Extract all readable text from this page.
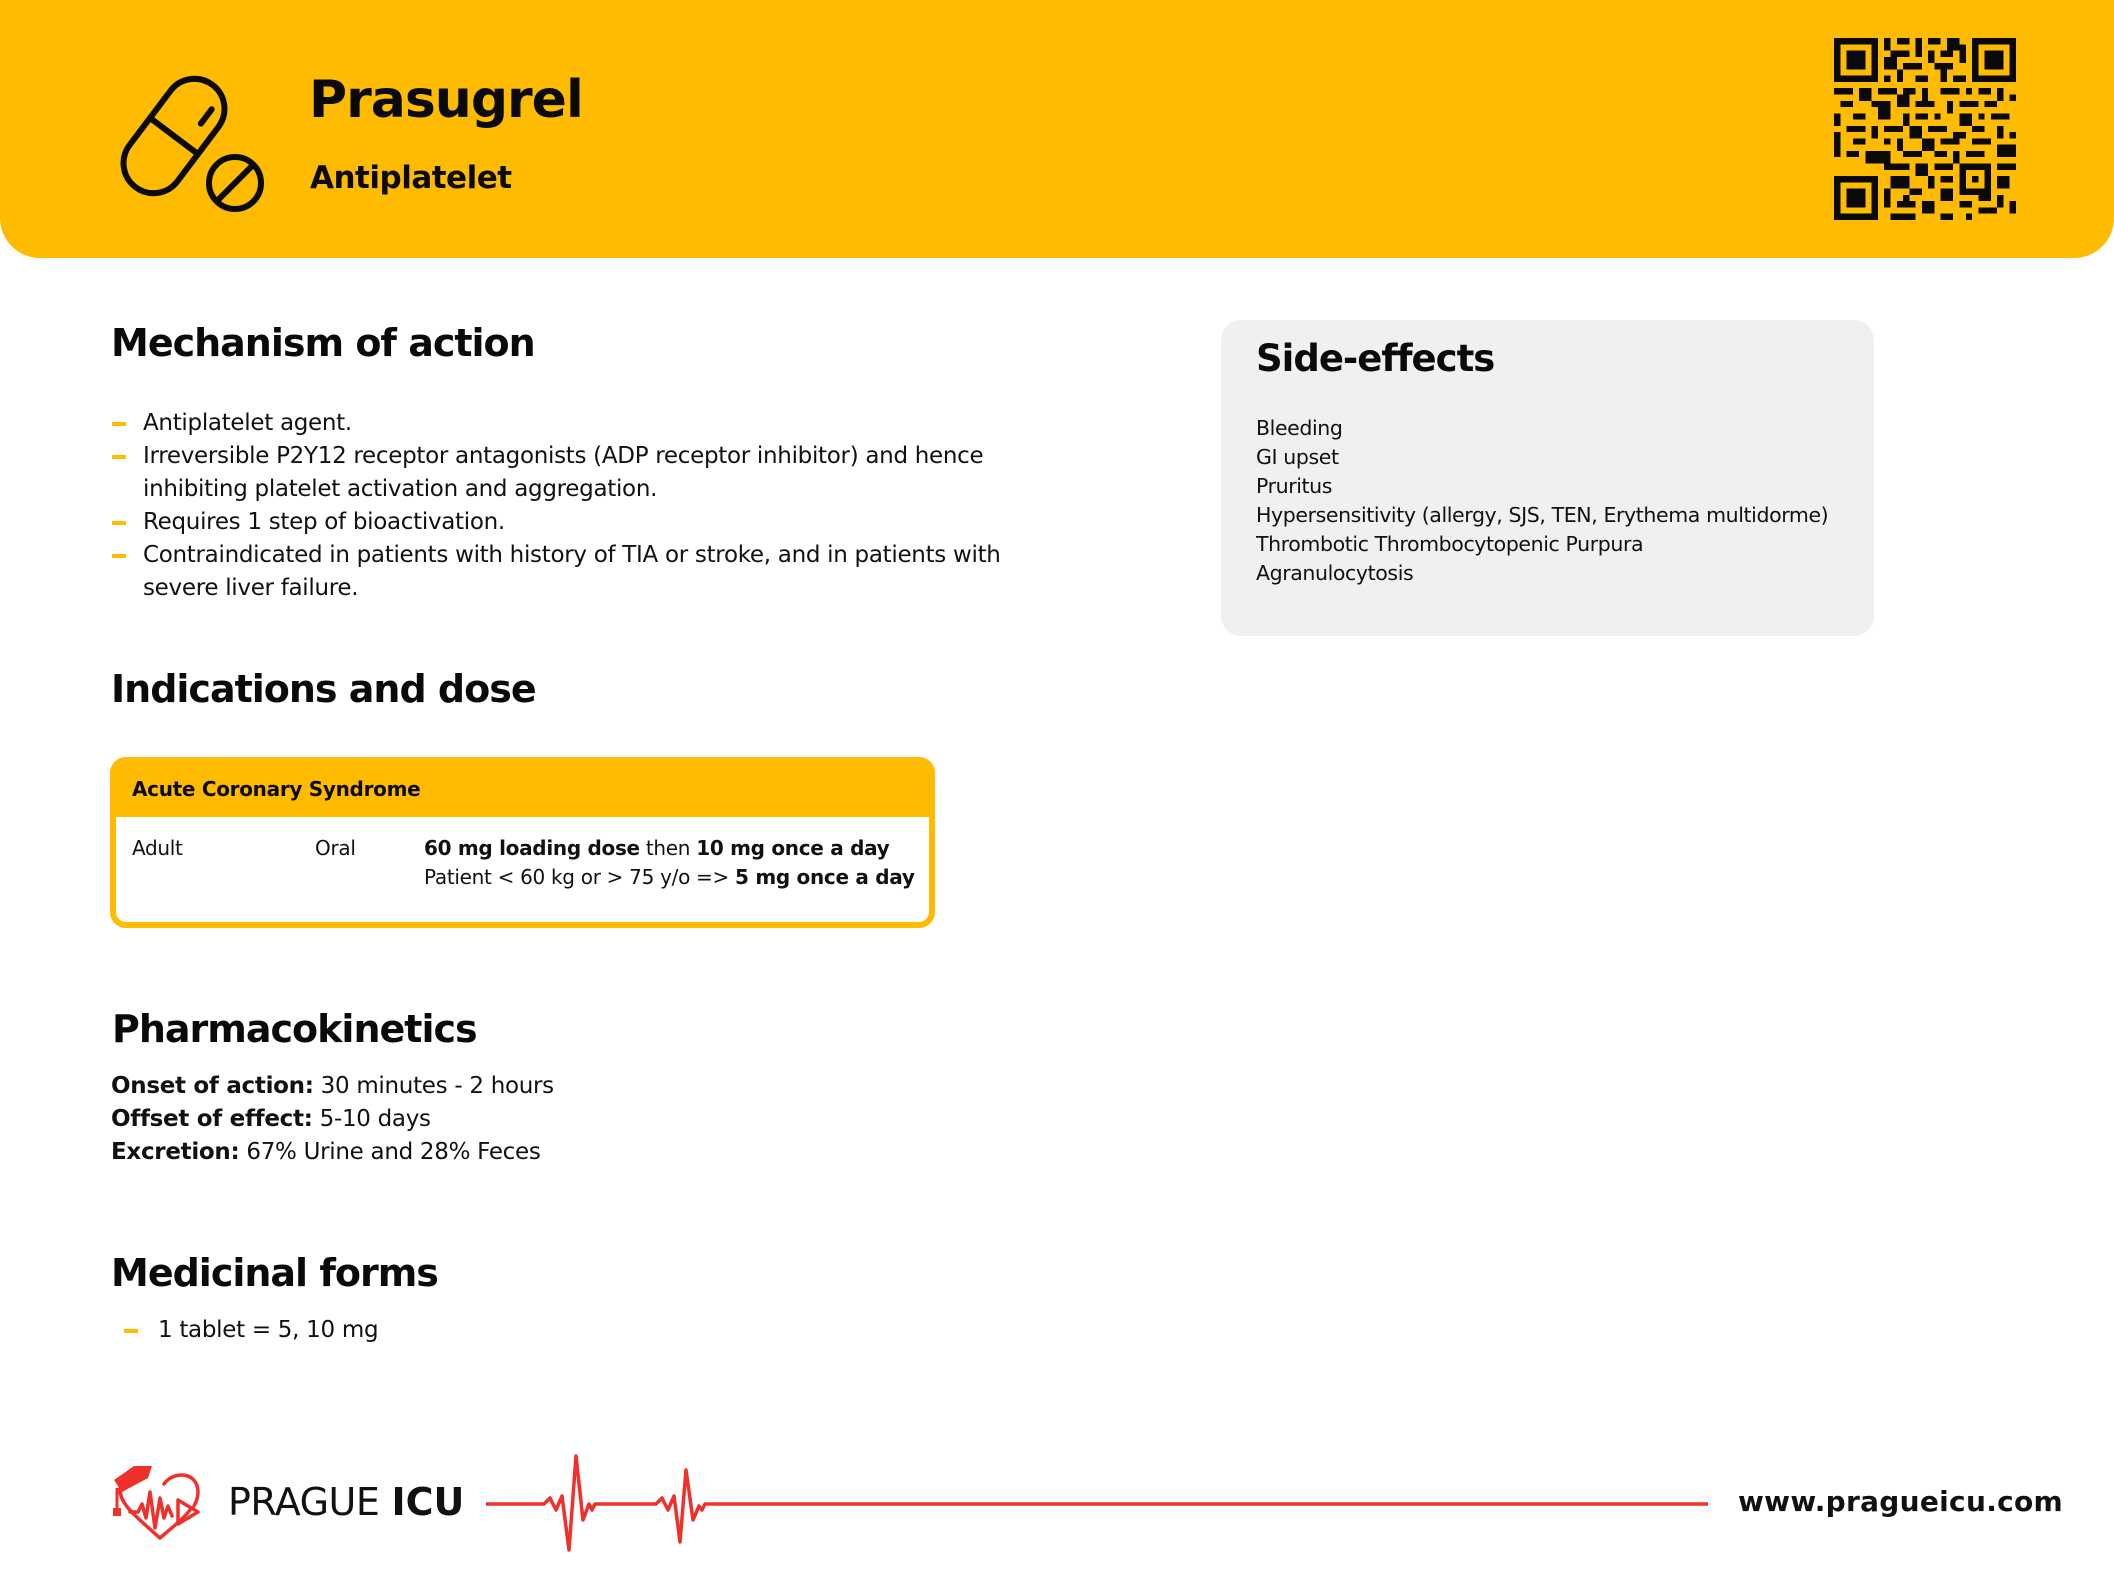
Prasugrel
Antiplatelet
Mechanism of action
Antiplatelet agent.
Irreversible P2Y12 receptor antagonists (ADP receptor inhibitor) and hence inhibiting platelet activation and aggregation.
Requires 1 step of bioactivation.
Contraindicated in patients with history of TIA or stroke, and in patients with severe liver failure.
Indications and dose
Acute Coronary Syndrome
Adult	Oral	60 mg loading dose then 10 mg once a day
Patient < 60 kg or > 75 y/o => 5 mg once a day
Pharmacokinetics
Onset of action: 30 minutes - 2 hours
Offset of effect: 5-10 days
Excretion: 67% Urine and 28% Feces
Medicinal forms
1 tablet = 5, 10 mg
Side-effects
Bleeding
GI upset
Pruritus
Hypersensitivity (allergy, SJS, TEN, Erythema multidorme)
Thrombotic Thrombocytopenic Purpura
Agranulocytosis
PRAGUE ICU	www.pragueicu.com
